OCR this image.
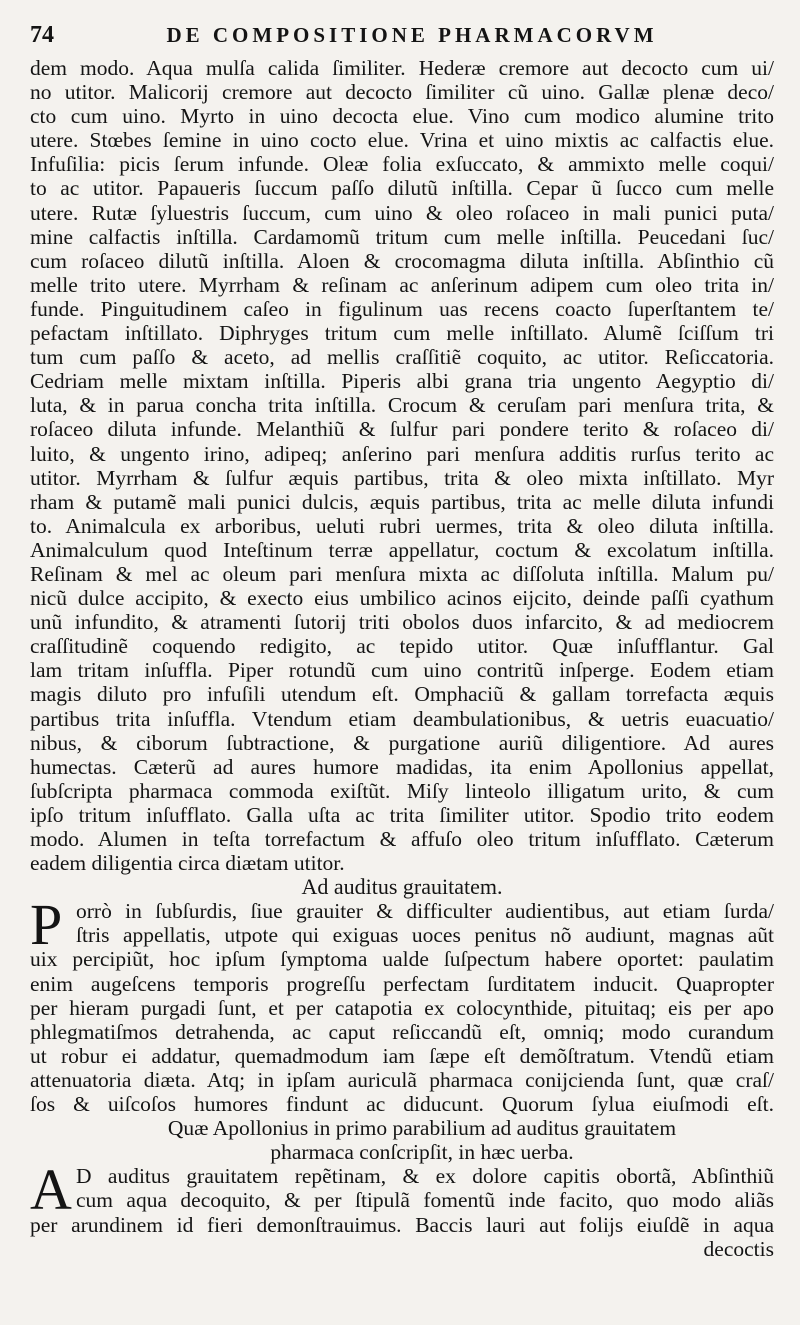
74	DE COMPOSITIONE PHARMACORVM
dem modo. Aqua mulſa calida ſimiliter. Hederæ cremore aut decocto cum ui/
no utitor. Malicorij cremore aut decocto ſimiliter cũ uino. Gallæ plenæ deco/
cto cum uino. Myrto in uino decocta elue. Vino cum modico alumine trito
utere. Stœbes ſemine in uino cocto elue. Vrina et uino mixtis ac calfactis elue.
Infuſilia: picis ſerum infunde. Oleæ folia exſuccato, & ammixto melle coqui/
to ac utitor. Papaueris ſuccum paſſo dilutũ inſtilla. Cepar ũ ſucco cum melle
utere. Rutæ ſyluestris ſuccum, cum uino & oleo roſaceo in mali punici puta/
mine calfactis inſtilla. Cardamomũ tritum cum melle inſtilla. Peucedani ſuc/
cum roſaceo dilutũ inſtilla. Aloen & crocomagma diluta inſtilla. Abſinthio cũ
melle trito utere. Myrrham & reſinam ac anſerinum adipem cum oleo trita in/
funde. Pinguitudinem caſeo in figulinum uas recens coacto ſuperſtantem te/
pefactam inſtillato. Diphryges tritum cum melle inſtillato. Alumẽ ſciſſum tri
tum cum paſſo & aceto, ad mellis craſſitiẽ coquito, ac utitor. Reſiccatoria.
Cedriam melle mixtam inſtilla. Piperis albi grana tria ungento Aegyptio di/
luta, & in parua concha trita inſtilla. Crocum & ceruſam pari menſura trita, &
roſaceo diluta infunde. Melanthiũ & ſulfur pari pondere terito & roſaceo di/
luito, & ungento irino, adipeq; anſerino pari menſura additis rurſus terito ac
utitor. Myrrham & ſulfur æquis partibus, trita & oleo mixta inſtillato. Myr
rham & putamẽ mali punici dulcis, æquis partibus, trita ac melle diluta infundi
to. Animalcula ex arboribus, ueluti rubri uermes, trita & oleo diluta inſtilla.
Animalculum quod Inteſtinum terræ appellatur, coctum & excolatum inſtilla.
Reſinam & mel ac oleum pari menſura mixta ac diſſoluta inſtilla. Malum pu/
nicũ dulce accipito, & execto eius umbilico acinos eijcito, deinde paſſi cyathum
unũ infundito, & atramenti ſutorij triti obolos duos infarcito, & ad mediocrem
craſſitudinẽ coquendo redigito, ac tepido utitor. Quæ inſufflantur. Gal
lam tritam inſuffla. Piper rotundũ cum uino contritũ inſperge. Eodem etiam
magis diluto pro infuſili utendum eſt. Omphaciũ & gallam torrefacta æquis
partibus trita inſuffla. Vtendum etiam deambulationibus, & uetris euacuatio/
nibus, & ciborum ſubtractione, & purgatione auriũ diligentiore. Ad aures
humectas. Cæterũ ad aures humore madidas, ita enim Apollonius appellat,
ſubſcripta pharmaca commoda exiſtũt. Miſy linteolo illigatum urito, & cum
ipſo tritum inſufflato. Galla uſta ac trita ſimiliter utitor. Spodio trito eodem
modo. Alumen in teſta torrefactum & affuſo oleo tritum inſufflato. Cæterum
eadem diligentia circa diætam utitor.
Ad auditus grauitatem.
P orrò in ſubſurdis, ſiue grauiter & difficulter audientibus, aut etiam ſurda/
ſtris appellatis, utpote qui exiguas uoces penitus nõ audiunt, magnas aũt
uix percipiũt, hoc ipſum ſymptoma ualde ſuſpectum habere oportet: paulatim
enim augeſcens temporis progreſſu perfectam ſurditatem inducit. Quapropter
per hieram purgadi ſunt, et per catapotia ex colocynthide, pituitaq; eis per apo
phlegmatiſmos detrahenda, ac caput reſiccandũ eſt, omniq; modo curandum
ut robur ei addatur, quemadmodum iam ſæpe eſt demõſtratum. Vtendũ etiam
attenuatoria diæta. Atq; in ipſam auriculã pharmaca conijcienda ſunt, quæ craſ/
ſos & uiſcoſos humores findunt ac diducunt. Quorum ſylua eiuſmodi eſt.
Quæ Apollonius in primo parabilium ad auditus grauitatem
pharmaca conſcripſit, in hæc uerba.
A D auditus grauitatem repẽtinam, & ex dolore capitis obortã, Abſinthiũ
cum aqua decoquito, & per ſtipulã fomentũ inde facito, quo modo aliãs
per arundinem id fieri demonſtrauimus. Baccis lauri aut folijs eiuſdẽ in aqua
decoctis
